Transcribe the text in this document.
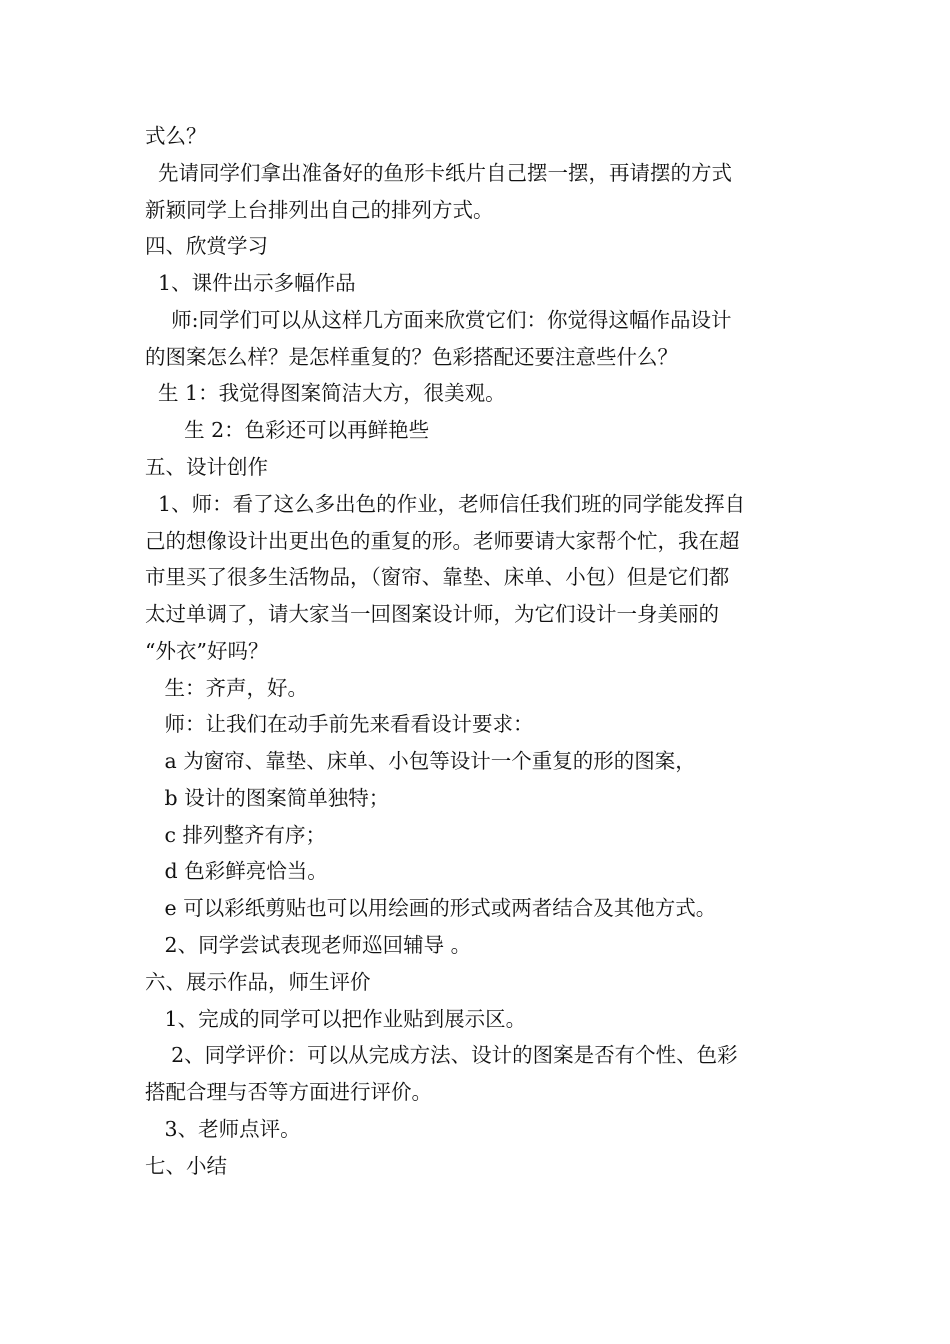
式么？
先请同学们拿出准备好的鱼形卡纸片自己摆一摆，再请摆的方式
新颖同学上台排列出自己的排列方式。
四、欣赏学习
1、课件出示多幅作品
师:同学们可以从这样几方面来欣赏它们：你觉得这幅作品设计
的图案怎么样？是怎样重复的？色彩搭配还要注意些什么？
生 1：我觉得图案简洁大方，很美观。
生 2：色彩还可以再鲜艳些
五、设计创作
1、师：看了这么多出色的作业，老师信任我们班的同学能发挥自
己的想像设计出更出色的重复的形。老师要请大家帮个忙，我在超
市里买了很多生活物品，（窗帘、靠垫、床单、小包）但是它们都
太过单调了，请大家当一回图案设计师，为它们设计一身美丽的
“外衣”好吗？
生：齐声，好。
师：让我们在动手前先来看看设计要求：
a 为窗帘、靠垫、床单、小包等设计一个重复的形的图案，
b 设计的图案简单独特；
c 排列整齐有序；
d 色彩鲜亮恰当。
e 可以彩纸剪贴也可以用绘画的形式或两者结合及其他方式。
2、同学尝试表现老师巡回辅导 。
六、展示作品，师生评价
1、完成的同学可以把作业贴到展示区。
2、同学评价：可以从完成方法、设计的图案是否有个性、色彩
搭配合理与否等方面进行评价。
3、老师点评。
七、小结
